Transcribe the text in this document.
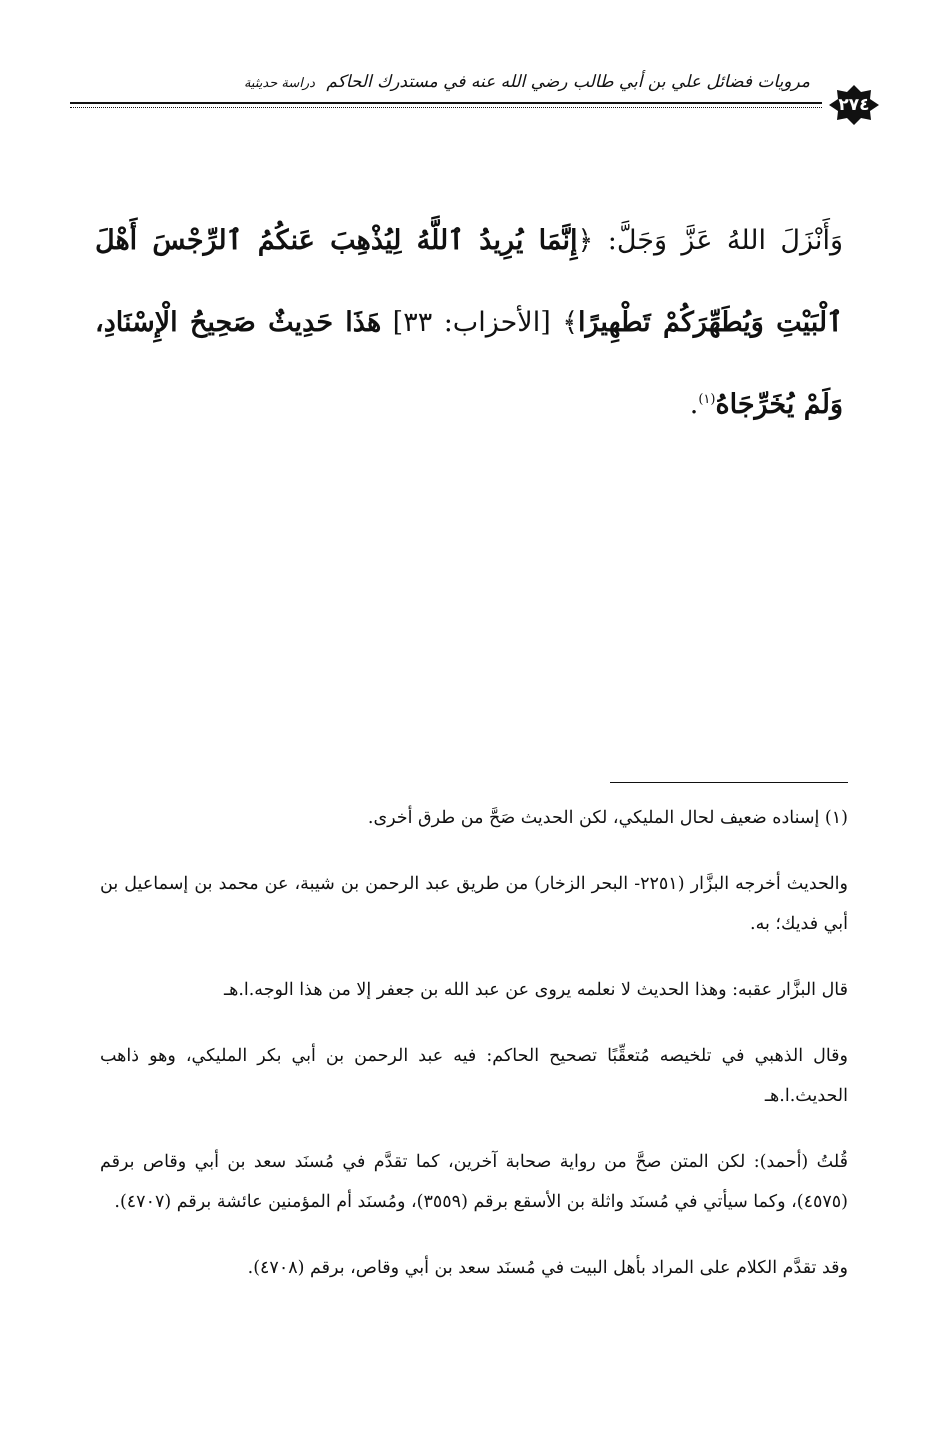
مرويات فضائل علي بن أبي طالب رضي الله عنه في مستدرك الحاكم دراسة حديثية
٢٧٤
وَأَنْزَلَ اللهُ عَزَّ وَجَلَّ: ﴿إِنَّمَا يُرِيدُ ٱللَّهُ لِيُذْهِبَ عَنكُمُ ٱلرِّجْسَ أَهْلَ ٱلْبَيْتِ وَيُطَهِّرَكُمْ تَطْهِيرًا﴾ [الأحزاب: ٣٣] هَذَا حَدِيثٌ صَحِيحُ الْإِسْنَادِ، وَلَمْ يُخَرِّجَاهُ$^{(١)}$.

(١) إسناده ضعيف لحال المليكي، لكن الحديث صَحَّ من طرق أخرى.

والحديث أخرجه البزَّار (٢٢٥١- البحر الزخار) من طريق عبد الرحمن بن شيبة، عن محمد بن إسماعيل بن أبي فديك؛ به.

قال البزَّار عقبه: وهذا الحديث لا نعلمه يروى عن عبد الله بن جعفر إلا من هذا الوجه.ا.هـ

وقال الذهبي في تلخيصه مُتعقِّبًا تصحيح الحاكم: فيه عبد الرحمن بن أبي بكر المليكي، وهو ذاهب الحديث.ا.هـ

قُلتُ (أحمد): لكن المتن صحَّ من رواية صحابة آخرين، كما تقدَّم في مُسنَد سعد بن أبي وقاص برقم (٤٥٧٥)، وكما سيأتي في مُسنَد واثلة بن الأسقع برقم (٣٥٥٩)، ومُسنَد أم المؤمنين عائشة برقم (٤٧٠٧).

وقد تقدَّم الكلام على المراد بأهل البيت في مُسنَد سعد بن أبي وقاص، برقم (٤٧٠٨).
